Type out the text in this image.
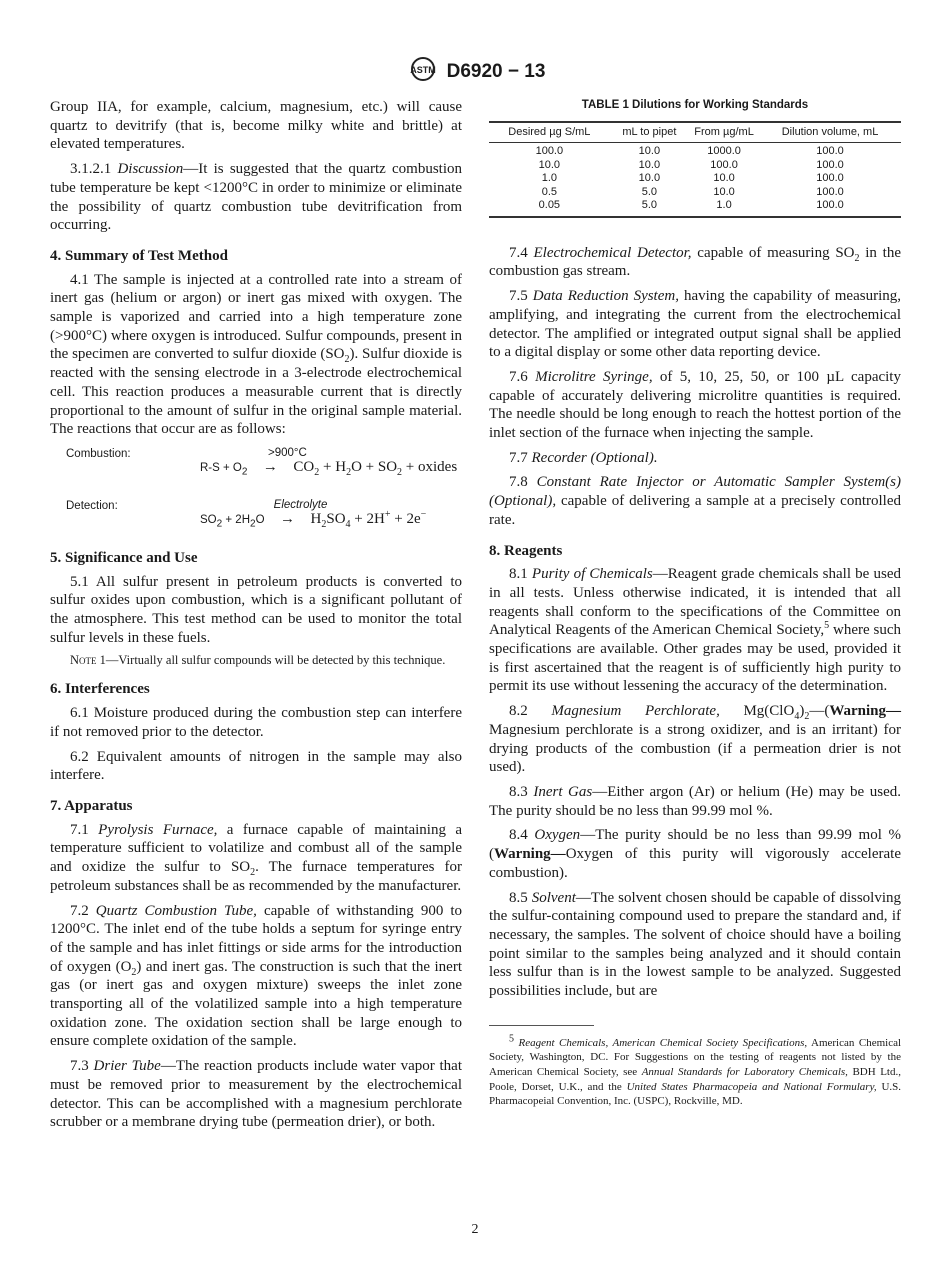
ASTM D6920 − 13

Group IIA, for example, calcium, magnesium, etc.) will cause quartz to devitrify (that is, become milky white and brittle) at elevated temperatures.

3.1.2.1 Discussion—It is suggested that the quartz combustion tube temperature be kept <1200°C in order to minimize or eliminate the possibility of quartz combustion tube devitrification from occurring.

4. Summary of Test Method

4.1 The sample is injected at a controlled rate into a stream of inert gas (helium or argon) or inert gas mixed with oxygen. The sample is vaporized and carried into a high temperature zone (>900°C) where oxygen is introduced. Sulfur compounds, present in the specimen are converted to sulfur dioxide $(SO_2)$. Sulfur dioxide is reacted with the sensing electrode in a 3-electrode electrochemical cell. This reaction produces a measurable current that is directly proportional to the amount of sulfur in the original sample material. The reactions that occur are as follows:

Combustion:
$R-S + O_2$
>900°C
→ $CO_2 + H_2O + SO_2$ + oxides
Detection:
$SO_2 + 2H_2O$
Electrolyte
→ $H_2SO_4 + 2H^+ + 2e^-$
5. Significance and Use

5.1 All sulfur present in petroleum products is converted to sulfur oxides upon combustion, which is a significant pollutant of the atmosphere. This test method can be used to monitor the total sulfur levels in these fuels.

Note 1—Virtually all sulfur compounds will be detected by this technique.
6. Interferences

6.1 Moisture produced during the combustion step can interfere if not removed prior to the detector.

6.2 Equivalent amounts of nitrogen in the sample may also interfere.

7. Apparatus

7.1 Pyrolysis Furnace, a furnace capable of maintaining a temperature sufficient to volatilize and combust all of the sample and oxidize the sulfur to $SO_2$. The furnace temperatures for petroleum substances shall be as recommended by the manufacturer.

7.2 Quartz Combustion Tube, capable of withstanding 900 to 1200°C. The inlet end of the tube holds a septum for syringe entry of the sample and has inlet fittings or side arms for the introduction of oxygen $(O_2)$ and inert gas. The construction is such that the inert gas (or inert gas and oxygen mixture) sweeps the inlet zone transporting all of the volatilized sample into a high temperature oxidation zone. The oxidation section shall be large enough to ensure complete oxidation of the sample.

7.3 Drier Tube—The reaction products include water vapor that must be removed prior to measurement by the electrochemical detector. This can be accomplished with a magnesium perchlorate scrubber or a membrane drying tube (permeation drier), or both.

TABLE 1 Dilutions for Working Standards
Desired µg S/mL	mL to pipet	From µg/mL	Dilution volume, mL
100.0	10.0	1000.0	100.0
10.0	10.0	100.0	100.0
1.0	10.0	10.0	100.0
0.5	5.0	10.0	100.0
0.05	5.0	1.0	100.0

7.4 Electrochemical Detector, capable of measuring $SO_2$ in the combustion gas stream.

7.5 Data Reduction System, having the capability of measuring, amplifying, and integrating the current from the electrochemical detector. The amplified or integrated output signal shall be applied to a digital display or some other data reporting device.

7.6 Microlitre Syringe, of 5, 10, 25, 50, or 100 µL capacity capable of accurately delivering microlitre quantities is required. The needle should be long enough to reach the hottest portion of the inlet section of the furnace when injecting the sample.

7.7 Recorder (Optional).

7.8 Constant Rate Injector or Automatic Sampler System(s) (Optional), capable of delivering a sample at a precisely controlled rate.

8. Reagents

8.1 Purity of Chemicals—Reagent grade chemicals shall be used in all tests. Unless otherwise indicated, it is intended that all reagents shall conform to the specifications of the Committee on Analytical Reagents of the American Chemical Society,$^5$ where such specifications are available. Other grades may be used, provided it is first ascertained that the reagent is of sufficiently high purity to permit its use without lessening the accuracy of the determination.

8.2 Magnesium Perchlorate, $Mg(ClO_4)_2—(Warning—Magnesium$ perchlorate is a strong oxidizer, and is an irritant) for drying products of the combustion (if a permeation drier is not used).

8.3 Inert Gas—Either argon (Ar) or helium (He) may be used. The purity should be no less than 99.99 mol %.

8.4 Oxygen—The purity should be no less than 99.99 mol % (Warning—Oxygen of this purity will vigorously accelerate combustion).

8.5 Solvent—The solvent chosen should be capable of dissolving the sulfur-containing compound used to prepare the standard and, if necessary, the samples. The solvent of choice should have a boiling point similar to the samples being analyzed and it should contain less sulfur than is in the lowest sample to be analyzed. Suggested possibilities include, but are

$^5$ Reagent Chemicals, American Chemical Society Specifications, American Chemical Society, Washington, DC. For Suggestions on the testing of reagents not listed by the American Chemical Society, see Annual Standards for Laboratory Chemicals, BDH Ltd., Poole, Dorset, U.K., and the United States Pharmacopeia and National Formulary, U.S. Pharmacopeial Convention, Inc. (USPC), Rockville, MD.
2
